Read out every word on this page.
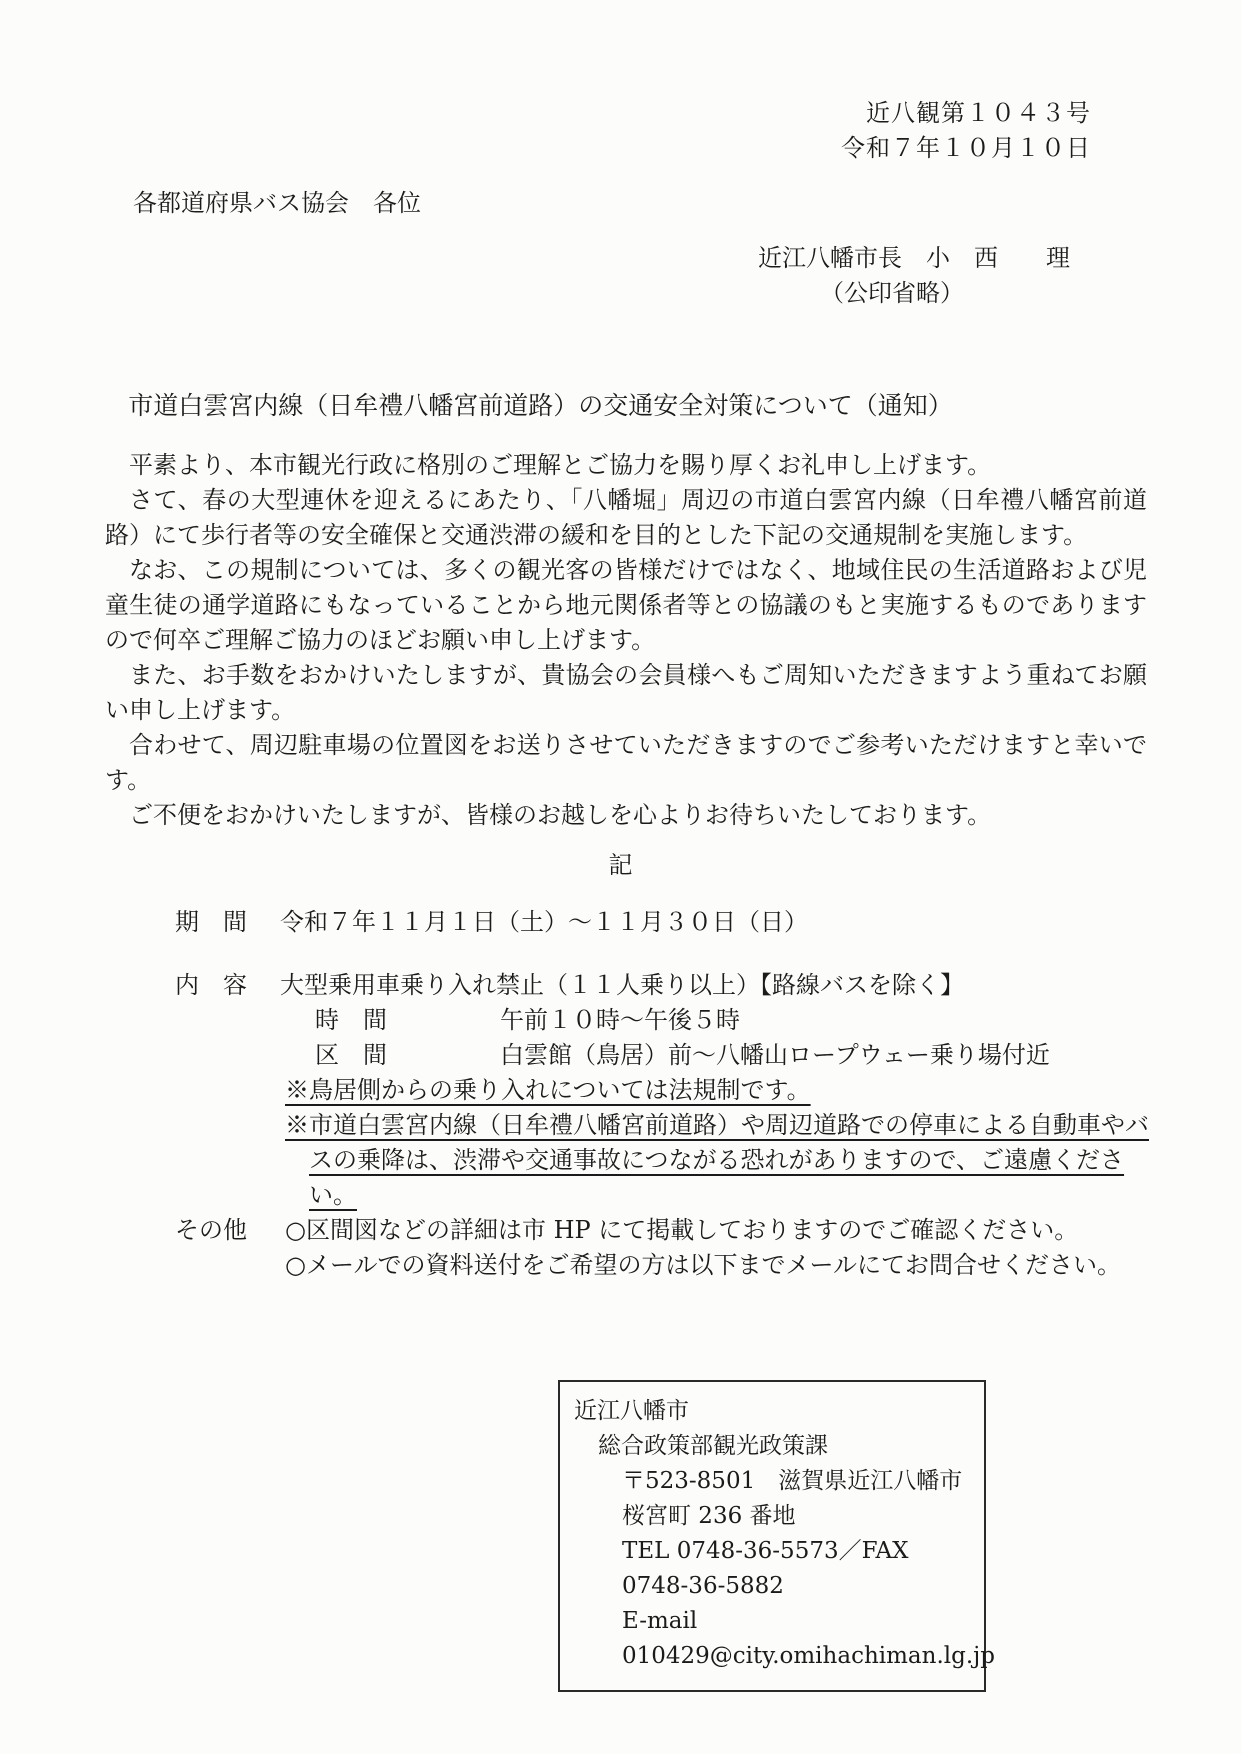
近八観第１０４３号
令和７年１０月１０日
各都道府県バス協会　各位
近江八幡市長　小　西　　理
（公印省略）
市道白雲宮内線（日牟禮八幡宮前道路）の交通安全対策について（通知）

平素より、本市観光行政に格別のご理解とご協力を賜り厚くお礼申し上げます。

さて、春の大型連休を迎えるにあたり、「八幡堀」周辺の市道白雲宮内線（日牟禮八幡宮前道路）にて歩行者等の安全確保と交通渋滞の緩和を目的とした下記の交通規制を実施します。

なお、この規制については、多くの観光客の皆様だけではなく、地域住民の生活道路および児童生徒の通学道路にもなっていることから地元関係者等との協議のもと実施するものでありますので何卒ご理解ご協力のほどお願い申し上げます。

また、お手数をおかけいたしますが、貴協会の会員様へもご周知いただきますよう重ねてお願い申し上げます。

合わせて、周辺駐車場の位置図をお送りさせていただきますのでご参考いただけますと幸いです。

ご不便をおかけいたしますが、皆様のお越しを心よりお待ちいたしております。

記
期　間	令和７年１１月１日（土）～１１月３０日（日）
内　容	大型乗用車乗り入れ禁止（１１人乗り以上）【路線バスを除く】
時　間	午前１０時～午後５時
区　間	白雲館（鳥居）前～八幡山ロープウェー乗り場付近
※鳥居側からの乗り入れについては法規制です。
※市道白雲宮内線（日牟禮八幡宮前道路）や周辺道路での停車による自動車やバスの乗降は、渋滞や交通事故につながる恐れがありますので、ご遠慮ください。
その他	○区間図などの詳細は市 HP にて掲載しておりますのでご確認ください。
○メールでの資料送付をご希望の方は以下までメールにてお問合せください。
近江八幡市
総合政策部観光政策課
〒523-8501　滋賀県近江八幡市桜宮町 236 番地
TEL 0748-36-5573／FAX 0748-36-5882
E-mail 010429@city.omihachiman.lg.jp
